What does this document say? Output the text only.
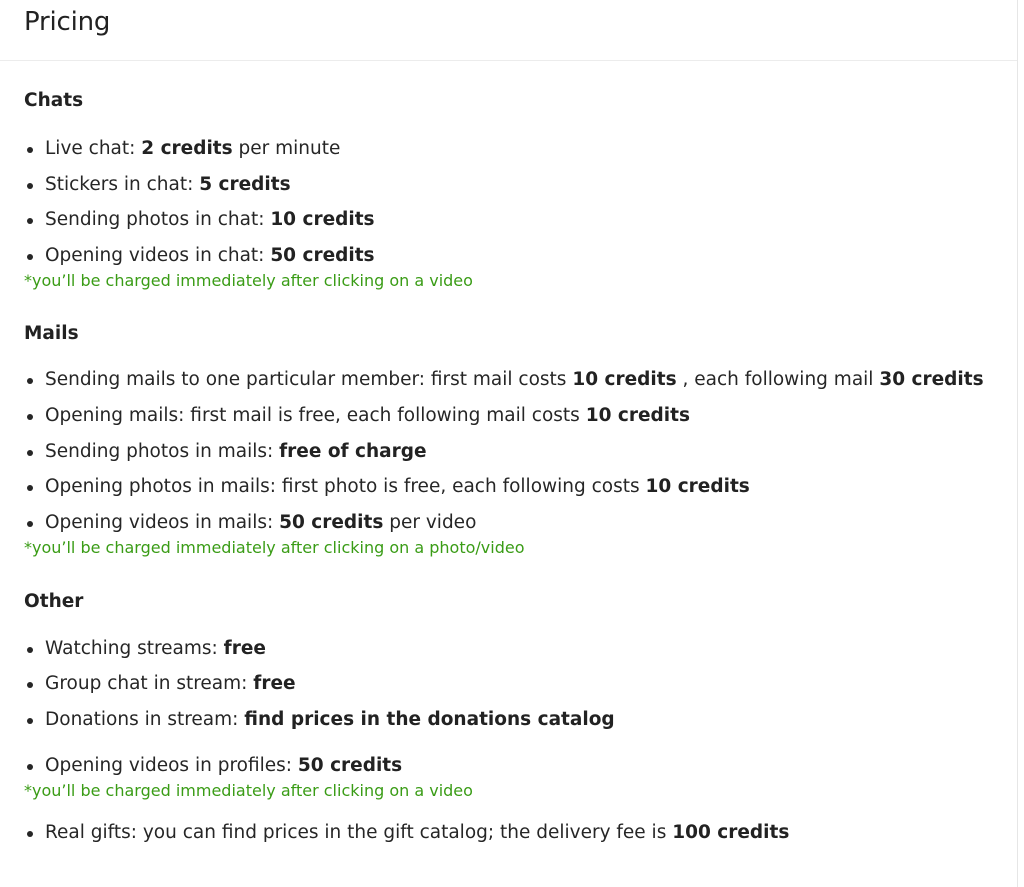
Pricing
Chats
Live chat: 2 credits per minute
Stickers in chat: 5 credits
Sending photos in chat: 10 credits
Opening videos in chat: 50 credits

*you’ll be charged immediately after clicking on a video

Mails
Sending mails to one particular member: first mail costs 10 credits , each following mail 30 credits
Opening mails: first mail is free, each following mail costs 10 credits
Sending photos in mails: free of charge
Opening photos in mails: first photo is free, each following costs 10 credits
Opening videos in mails: 50 credits per video

*you’ll be charged immediately after clicking on a photo/video

Other
Watching streams: free
Group chat in stream: free
Donations in stream: find prices in the donations catalog
Opening videos in profiles: 50 credits

*you’ll be charged immediately after clicking on a video

Real gifts: you can find prices in the gift catalog; the delivery fee is 100 credits
